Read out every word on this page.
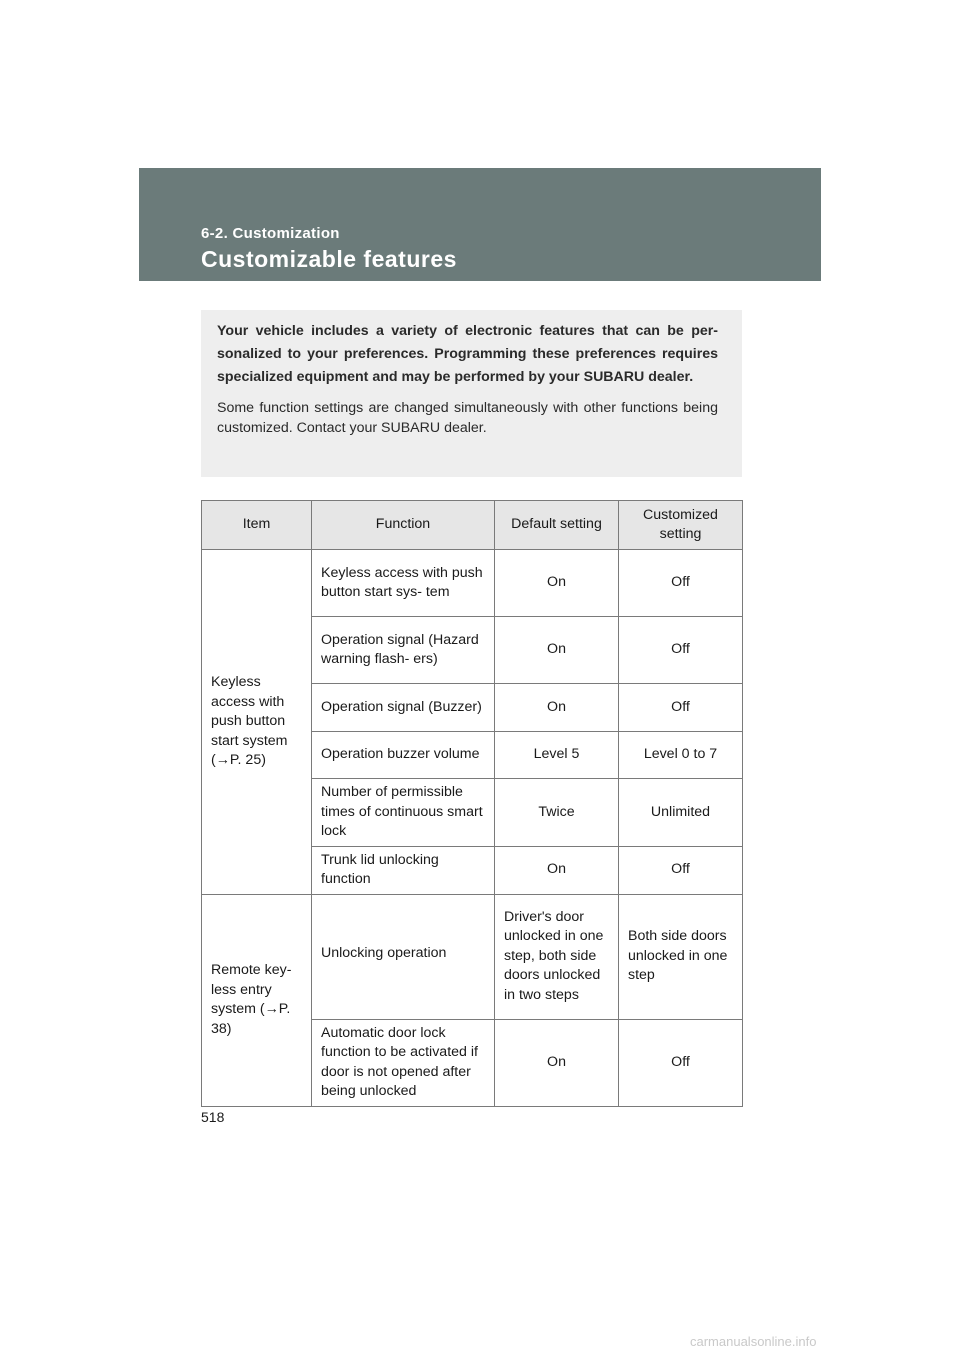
6-2. Customization
Customizable features

Your vehicle includes a variety of electronic features that can be per- sonalized to your preferences. Programming these preferences requires specialized equipment and may be performed by your SUBARU dealer.

Some function settings are changed simultaneously with other functions being customized. Contact your SUBARU dealer.

Item	Function	Default setting	Customized setting
Keyless access with push button start system (→P. 25)	Keyless access with push button start sys- tem	On	Off
	Operation signal (Hazard warning flash- ers)	On	Off
	Operation signal (Buzzer)	On	Off
	Operation buzzer volume	Level 5	Level 0 to 7
	Number of permissible times of continuous smart lock	Twice	Unlimited
	Trunk lid unlocking function	On	Off
Remote key- less entry system (→P. 38)	Unlocking operation	Driver's door unlocked in one step, both side doors unlocked in two steps	Both side doors unlocked in one step
	Automatic door lock function to be activated if door is not opened after being unlocked	On	Off
518
carmanualsonline.info
